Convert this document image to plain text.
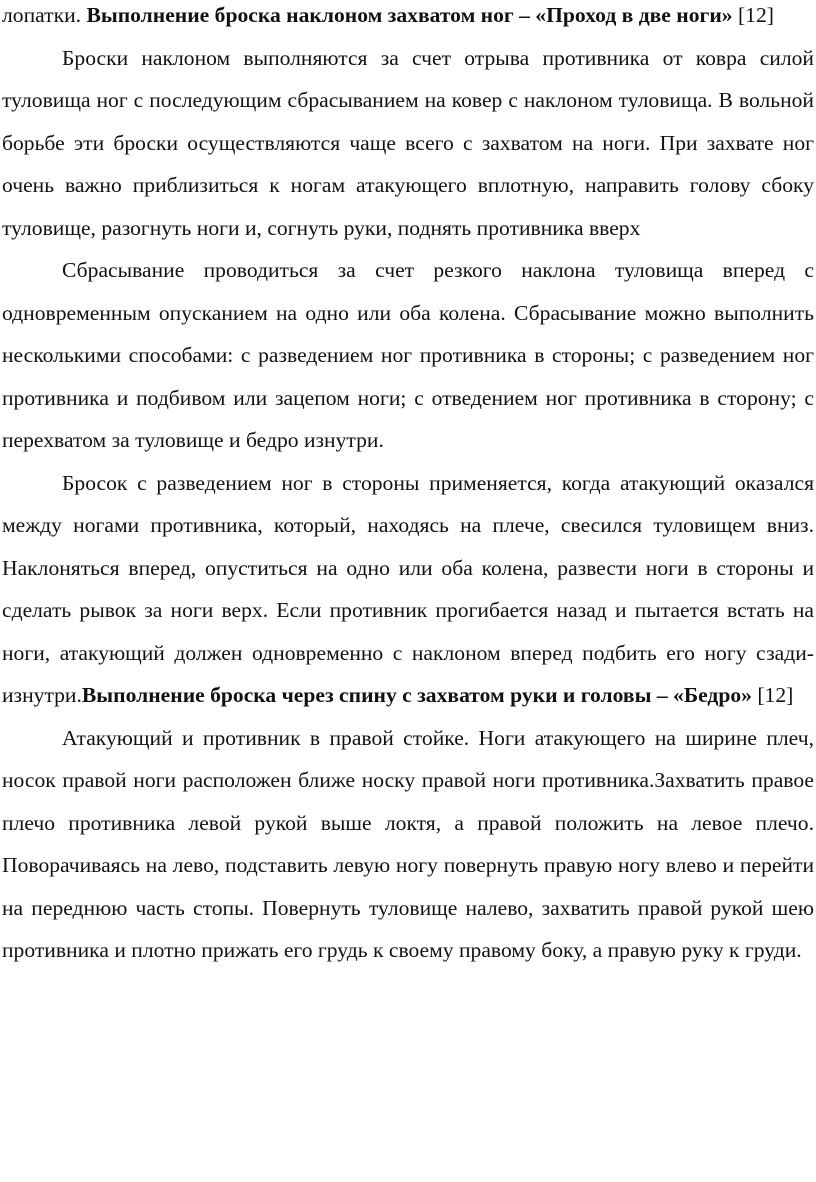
лопатки. Выполнение броска наклоном захватом ног – «Проход в две ноги» [12]

Броски наклоном выполняются за счет отрыва противника от ковра силой туловища ног с последующим сбрасыванием на ковер с наклоном туловища. В вольной борьбе эти броски осуществляются чаще всего с захватом на ноги. При захвате ног очень важно приблизиться к ногам атакующего вплотную, направить голову сбоку туловище, разогнуть ноги и, согнуть руки, поднять противника вверх

Сбрасывание проводиться за счет резкого наклона туловища вперед с одновременным опусканием на одно или оба колена. Сбрасывание можно выполнить несколькими способами: с разведением ног противника в стороны; с разведением ног противника и подбивом или зацепом ноги; с отведением ног противника в сторону; с перехватом за туловище и бедро изнутри.

Бросок с разведением ног в стороны применяется, когда атакующий оказался между ногами противника, который, находясь на плече, свесился туловищем вниз. Наклоняться вперед, опуститься на одно или оба колена, развести ноги в стороны и сделать рывок за ноги верх. Если противник прогибается назад и пытается встать на ноги, атакующий должен одновременно с наклоном вперед подбить его ногу сзади-изнутри.Выполнение броска через спину с захватом руки и головы – «Бедро» [12]

Атакующий и противник в правой стойке. Ноги атакующего на ширине плеч, носок правой ноги расположен ближе носку правой ноги противника.Захватить правое плечо противника левой рукой выше локтя, а правой положить на левое плечо. Поворачиваясь на лево, подставить левую ногу повернуть правую ногу влево и перейти на переднюю часть стопы. Повернуть туловище налево, захватить правой рукой шею противника и плотно прижать его грудь к своему правому боку, а правую руку к груди.
